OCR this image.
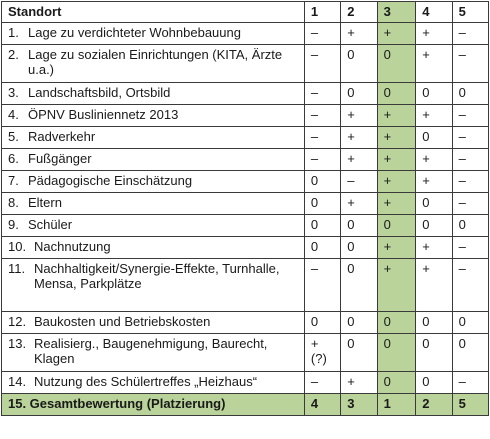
Standort	1	2	3	4	5

1. Lage zu verdichteter Wohnbebauung	–	+	+	+	–

2. Lage zu sozialen Einrichtungen (KITA, Ärzte u.a.)	–	0	0	+	–

3. Landschaftsbild, Ortsbild	–	0	0	0	0

4. ÖPNV Busliniennetz 2013	–	+	+	+	–

5. Radverkehr	–	+	+	0	–

6. Fußgänger	–	+	+	+	–

7. Pädagogische Einschätzung	0	–	+	+	–

8. Eltern	0	+	+	0	–

9. Schüler	0	0	0	0	0

10. Nachnutzung	0	0	+	+	–

11. Nachhaltigkeit/Synergie-Effekte, Turnhalle, Mensa, Parkplätze	–	0	+	+	–

12. Baukosten und Betriebskosten	0	0	0	0	0

13. Realisierg., Baugenehmigung, Baurecht, Klagen	+ (?)	0	0	0	0

14. Nutzung des Schülertreffes „Heizhaus“	–	+	0	0	–
15. Gesamtbewertung (Platzierung)	4	3	1	2	5
